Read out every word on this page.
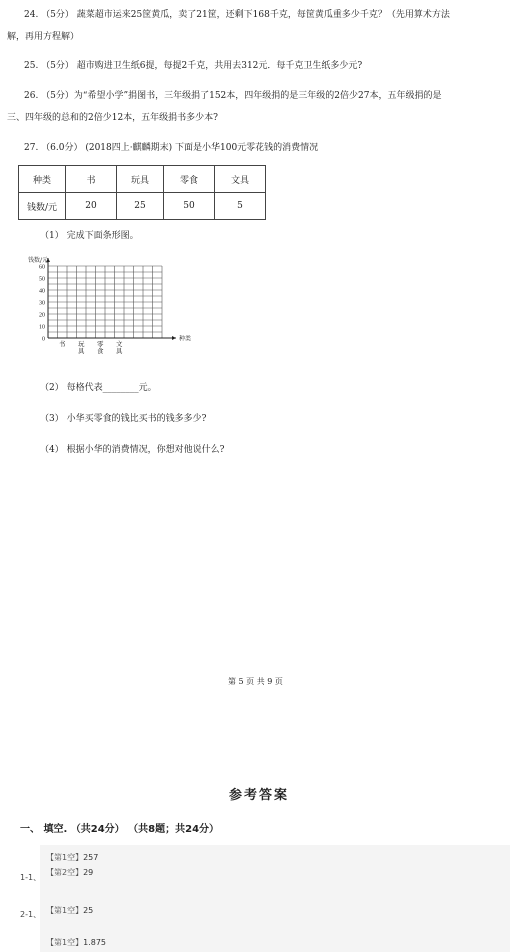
24. （5分） 蔬菜超市运来25筐黄瓜，卖了21筐，还剩下168千克，每筐黄瓜重多少千克？（先用算术方法
解，再用方程解）
25. （5分） 超市购进卫生纸6提，每提2千克，共用去312元．每千克卫生纸多少元?
26. （5分）为“希望小学”捐图书，三年级捐了152本，四年级捐的是三年级的2倍少27本，五年级捐的是
三、四年级的总和的2倍少12本，五年级捐书多少本?
27. （6.0分） (2018四上·麒麟期末) 下面是小华100元零花钱的消费情况
种类	书	玩具	零食	文具
钱数/元	20	25	50	5
（1） 完成下面条形图。
0
10
20
30
40
50
60
钱数/元
种类
书 玩
具
零
食
文
具
（2） 每格代表________元。
（3） 小华买零食的钱比买书的钱多多少?
（4） 根据小华的消费情况，你想对他说什么?
第 5 页 共 9 页
参考答案
一、 填空. （共24分） （共8题；共24分）
1-1、
【第1空】257
【第2空】29
2-1、 【第1空】25
【第1空】1.875
